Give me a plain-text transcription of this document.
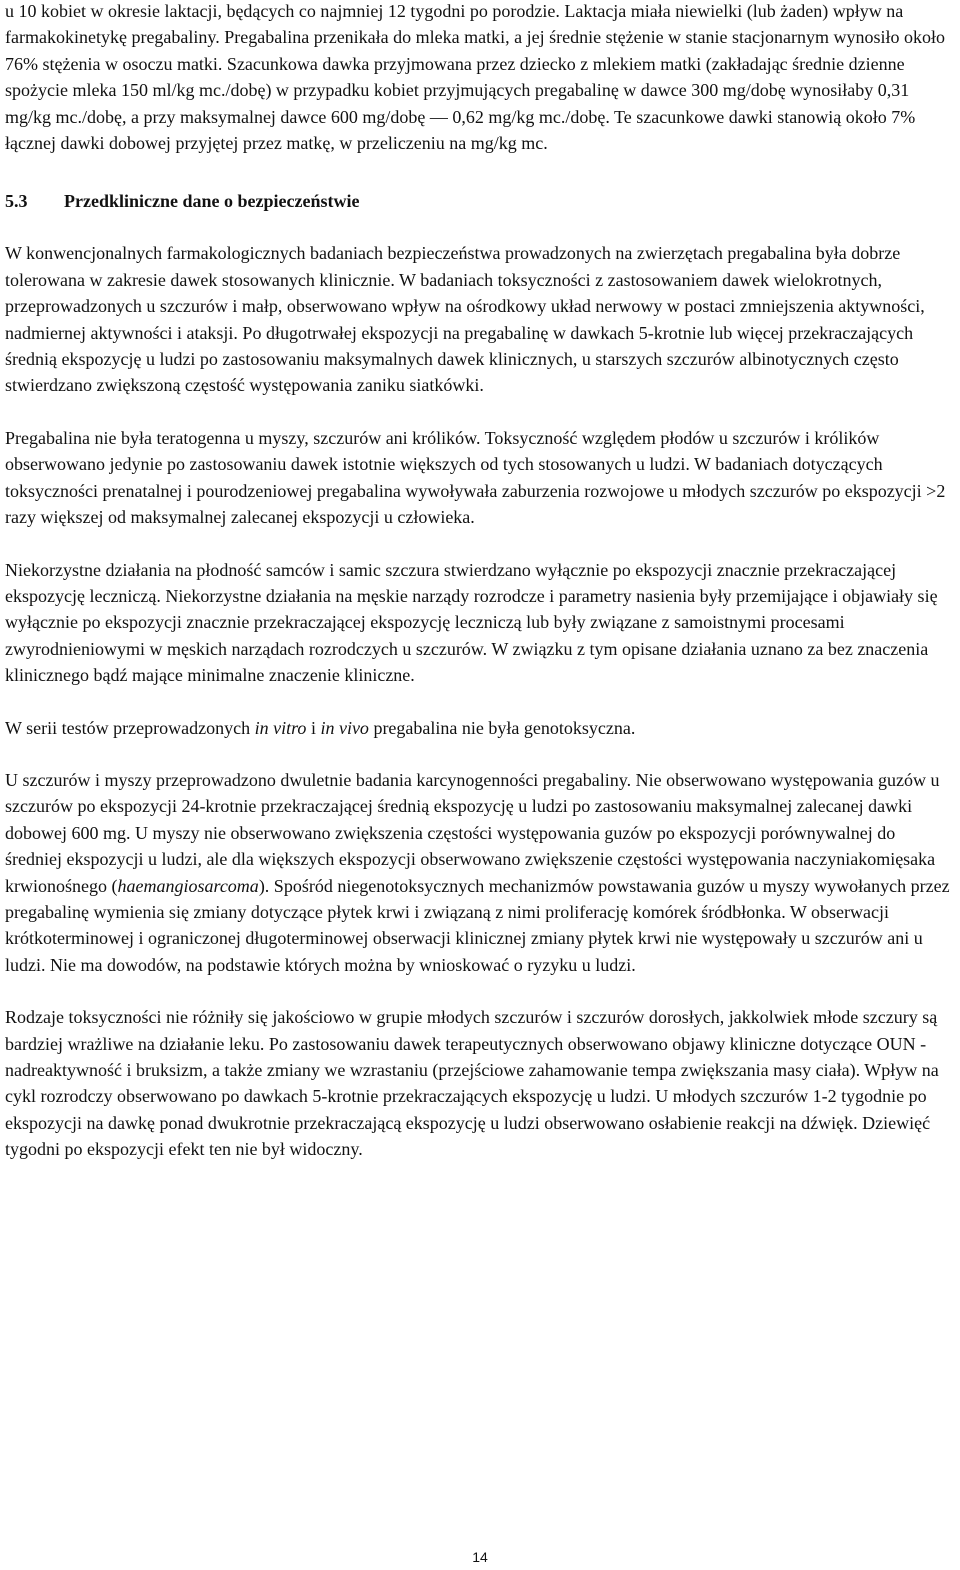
u 10 kobiet w okresie laktacji, będących co najmniej 12 tygodni po porodzie. Laktacja miała niewielki (lub żaden) wpływ na farmakokinetykę pregabaliny. Pregabalina przenikała do mleka matki, a jej średnie stężenie w stanie stacjonarnym wynosiło około 76% stężenia w osoczu matki. Szacunkowa dawka przyjmowana przez dziecko z mlekiem matki (zakładając średnie dzienne spożycie mleka 150 ml/kg mc./dobę) w przypadku kobiet przyjmujących pregabalinę w dawce 300 mg/dobę wynosiłaby 0,31 mg/kg mc./dobę, a przy maksymalnej dawce 600 mg/dobę — 0,62 mg/kg mc./dobę. Te szacunkowe dawki stanowią około 7% łącznej dawki dobowej przyjętej przez matkę, w przeliczeniu na mg/kg mc.

5.3	Przedkliniczne dane o bezpieczeństwie

W konwencjonalnych farmakologicznych badaniach bezpieczeństwa prowadzonych na zwierzętach pregabalina była dobrze tolerowana w zakresie dawek stosowanych klinicznie. W badaniach toksyczności z zastosowaniem dawek wielokrotnych, przeprowadzonych u szczurów i małp, obserwowano wpływ na ośrodkowy układ nerwowy w postaci zmniejszenia aktywności, nadmiernej aktywności i ataksji. Po długotrwałej ekspozycji na pregabalinę w dawkach 5-krotnie lub więcej przekraczających średnią ekspozycję u ludzi po zastosowaniu maksymalnych dawek klinicznych, u starszych szczurów albinotycznych często stwierdzano zwiększoną częstość występowania zaniku siatkówki.

Pregabalina nie była teratogenna u myszy, szczurów ani królików. Toksyczność względem płodów u szczurów i królików obserwowano jedynie po zastosowaniu dawek istotnie większych od tych stosowanych u ludzi. W badaniach dotyczących toksyczności prenatalnej i pourodzeniowej pregabalina wywoływała zaburzenia rozwojowe u młodych szczurów po ekspozycji >2 razy większej od maksymalnej zalecanej ekspozycji u człowieka.

Niekorzystne działania na płodność samców i samic szczura stwierdzano wyłącznie po ekspozycji znacznie przekraczającej ekspozycję leczniczą. Niekorzystne działania na męskie narządy rozrodcze i parametry nasienia były przemijające i objawiały się wyłącznie po ekspozycji znacznie przekraczającej ekspozycję leczniczą lub były związane z samoistnymi procesami zwyrodnieniowymi w męskich narządach rozrodczych u szczurów. W związku z tym opisane działania uznano za bez znaczenia klinicznego bądź mające minimalne znaczenie kliniczne.

W serii testów przeprowadzonych in vitro i in vivo pregabalina nie była genotoksyczna.

U szczurów i myszy przeprowadzono dwuletnie badania karcynogenności pregabaliny. Nie obserwowano występowania guzów u szczurów po ekspozycji 24-krotnie przekraczającej średnią ekspozycję u ludzi po zastosowaniu maksymalnej zalecanej dawki dobowej 600 mg. U myszy nie obserwowano zwiększenia częstości występowania guzów po ekspozycji porównywalnej do średniej ekspozycji u ludzi, ale dla większych ekspozycji obserwowano zwiększenie częstości występowania naczyniakomięsaka krwionośnego (haemangiosarcoma). Spośród niegenotoksycznych mechanizmów powstawania guzów u myszy wywołanych przez pregabalinę wymienia się zmiany dotyczące płytek krwi i związaną z nimi proliferację komórek śródbłonka. W obserwacji krótkoterminowej i ograniczonej długoterminowej obserwacji klinicznej zmiany płytek krwi nie występowały u szczurów ani u ludzi. Nie ma dowodów, na podstawie których można by wnioskować o ryzyku u ludzi.

Rodzaje toksyczności nie różniły się jakościowo w grupie młodych szczurów i szczurów dorosłych, jakkolwiek młode szczury są bardziej wrażliwe na działanie leku. Po zastosowaniu dawek terapeutycznych obserwowano objawy kliniczne dotyczące OUN - nadreaktywność i bruksizm, a także zmiany we wzrastaniu (przejściowe zahamowanie tempa zwiększania masy ciała). Wpływ na cykl rozrodczy obserwowano po dawkach 5-krotnie przekraczających ekspozycję u ludzi. U młodych szczurów 1-2 tygodnie po ekspozycji na dawkę ponad dwukrotnie przekraczającą ekspozycję u ludzi obserwowano osłabienie reakcji na dźwięk. Dziewięć tygodni po ekspozycji efekt ten nie był widoczny.

14
